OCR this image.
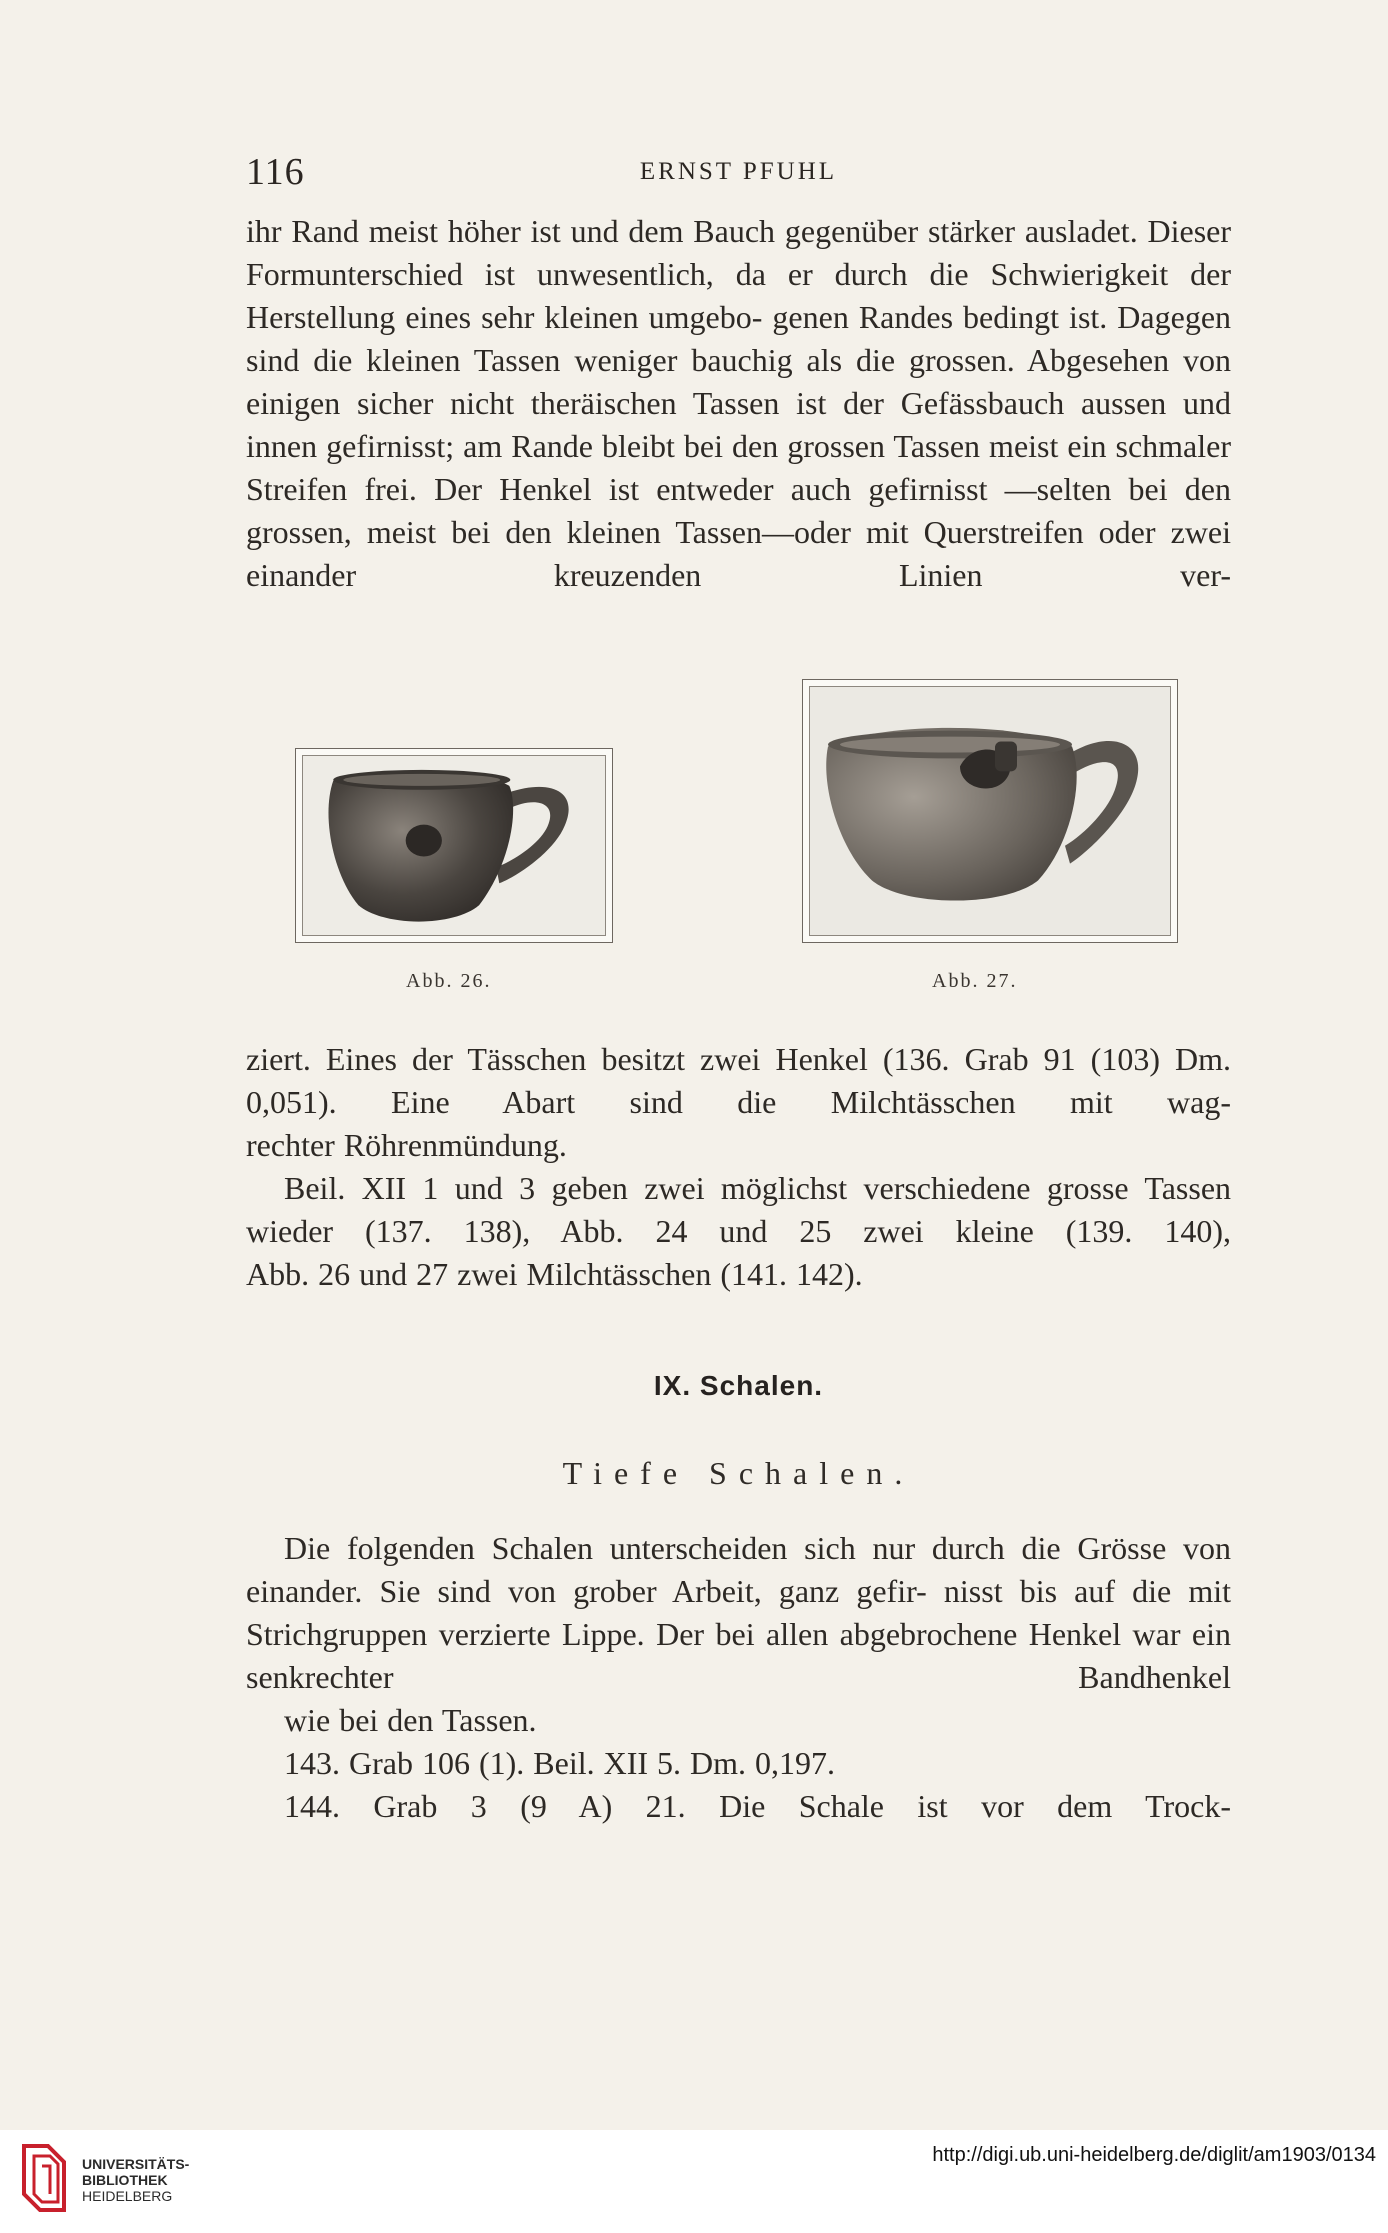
116	ERNST PFUHL

ihr Rand meist höher ist und dem Bauch gegenüber stärker ausladet. Dieser Formunterschied ist unwesentlich, da er durch die Schwierigkeit der Herstellung eines sehr kleinen umgebo- genen Randes bedingt ist. Dagegen sind die kleinen Tassen weniger bauchig als die grossen. Abgesehen von einigen sicher nicht theräischen Tassen ist der Gefässbauch aussen und innen gefirnisst; am Rande bleibt bei den grossen Tassen meist ein schmaler Streifen frei. Der Henkel ist entweder auch gefirnisst —selten bei den grossen, meist bei den kleinen Tassen—oder mit Querstreifen oder zwei einander kreuzenden Linien ver-

Abb. 26.	Abb. 27.

ziert. Eines der Tässchen besitzt zwei Henkel (136. Grab 91 (103) Dm. 0,051). Eine Abart sind die Milchtässchen mit wag-
rechter Röhrenmündung.

Beil. XII 1 und 3 geben zwei möglichst verschiedene grosse Tassen wieder (137. 138), Abb. 24 und 25 zwei kleine (139. 140),
Abb. 26 und 27 zwei Milchtässchen (141. 142).

IX. Schalen.
Tiefe Schalen.

Die folgenden Schalen unterscheiden sich nur durch die Grösse von einander. Sie sind von grober Arbeit, ganz gefir- nisst bis auf die mit Strichgruppen verzierte Lippe. Der bei allen abgebrochene Henkel war ein senkrechter Bandhenkel
wie bei den Tassen.

143. Grab 106 (1). Beil. XII 5. Dm. 0,197.

144. Grab 3 (9 A) 21. Die Schale ist vor dem Trock-

UNIVERSITÄTS-
BIBLIOTHEK
HEIDELBERG
http://digi.ub.uni-heidelberg.de/diglit/am1903/0134
